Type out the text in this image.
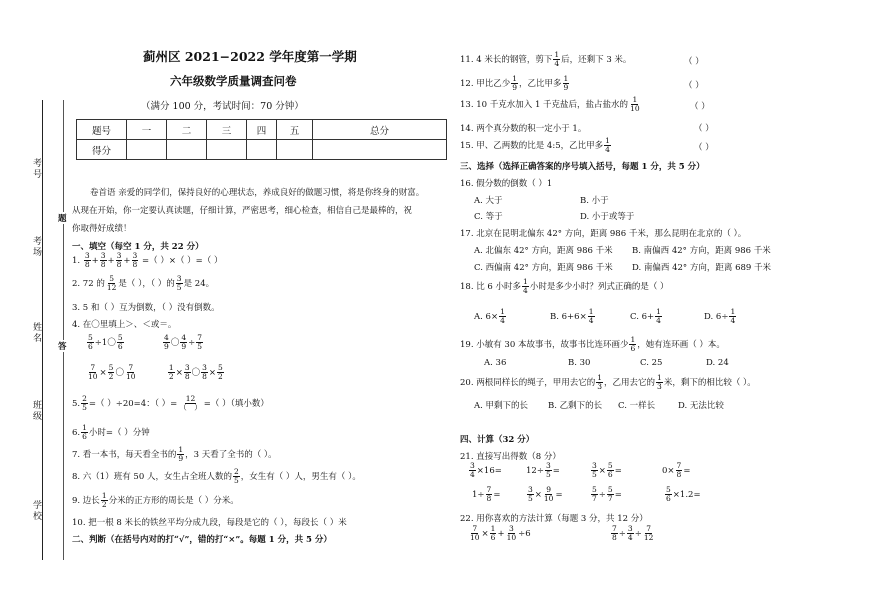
考号
考场
姓名
班级
学校
题
答
蓟州区 2021−2022 学年度第一学期
六年级数学质量调查问卷
（满分 100 分，考试时间：70 分钟）
题号	一	二	三	四	五	总分
得分						
卷首语 亲爱的同学们，保持良好的心理状态，养成良好的做题习惯，将是你终身的财富。
从现在开始，你一定要认真读题，仔细计算，严密思考，细心检查，相信自己是最棒的，祝
你取得好成绩！
一、填空（每空 1 分，共 22 分）
1. $\frac{3}{8} + \frac{3}{8} + \frac{3}{8} + \frac{3}{8}$ =（ ）×（ ）=（ ）
2. 72 的 $\frac{5}{12}$ 是（ ），（ ）的 $\frac{3}{5}$ 是 24。
3. 5 和（ ）互为倒数，（ ）没有倒数。
4. 在〇里填上＞、＜或＝。
$\frac{5}{6} \div 1$〇 $\frac{5}{6}$
	$\frac{4}{9}$ 〇 $\frac{4}{9} \div \frac{7}{5}$
$\frac{7}{10} \times \frac{5}{2}$ 〇 $\frac{7}{10}$
	$\frac{1}{2} \times \frac{3}{8}$ 〇 $\frac{3}{8} \times \frac{5}{2}$
5. $\frac{2}{5}$ =（ ）÷20=4：（ ）= $\frac{12}{( )}$ =（ ）（填小数）
6. $\frac{1}{6}$ 小时=（ ）分钟
7. 看一本书，每天看全书的 $\frac{1}{9}$ ，3 天看了全书的（ ）。
8. 六（1）班有 50 人，女生占全班人数的 $\frac{2}{5}$ ，女生有（ ）人，男生有（ ）。
9. 边长 $\frac{1}{2}$ 分米的正方形的周长是（ ）分米。
10. 把一根 8 米长的铁丝平均分成九段，每段是它的（ ），每段长（ ）米
二、判断（在括号内对的打“√”，错的打“×”。每题 1 分，共 5 分）
11. 4 米长的钢管，剪下 $\frac{1}{4}$ 后，还剩下 3 米。	（ ）
12. 甲比乙少 $\frac{1}{9}$ ，乙比甲多 $\frac{1}{9}$	（ ）
13. 10 千克水加入 1 千克盐后，盐占盐水的 $\frac{1}{10}$	（ ）
14. 两个真分数的积一定小于 1。	（ ）
15. 甲、乙两数的比是 4:5，乙比甲多 $\frac{1}{4}$	（ ）
三、选择（选择正确答案的序号填入括号，每题 1 分，共 5 分）
16. 假分数的倒数（ ）1
A. 大于	B. 小于
C. 等于	D. 小于或等于
17. 北京在昆明北偏东 42° 方向，距离 986 千米，那么昆明在北京的（ ）。
A. 北偏东 42° 方向，距离 986 千米 B. 南偏西 42° 方向，距离 986 千米
C. 西偏南 42° 方向，距离 986 千米 D. 南偏西 42° 方向，距离 689 千米
18. 比 6 小时多 $\frac{1}{4}$ 小时是多少小时？列式正确的是（ ）
A. $6\times \frac{1}{4}$	B. $6+6\times \frac{1}{4}$	C. $6+ \frac{1}{4}$	D. $6\div \frac{1}{4}$
19. 小敏有 30 本故事书，故事书比连环画少 $\frac{1}{6}$ ，她有连环画（ ）本。
A. 36	B. 30	C. 25	D. 24
20. 两根同样长的绳子，甲用去它的 $\frac{1}{3}$ ，乙用去它的 $\frac{1}{3}$ 米，剩下的相比较（ ）。
A. 甲剩下的长 B. 乙剩下的长 C. 一样长	D. 无法比较
四、计算（32 分）
21. 直接写出得数（8 分）
$\frac{3}{4} \times 16=$	$12\div \frac{3}{5}$ =	$\frac{3}{5} \times \frac{5}{6}$ =	$0\times \frac{7}{8}$ =
$1\div \frac{7}{8}$ =	$\frac{3}{5} \times \frac{9}{10}$ =	$\frac{5}{7} \div \frac{5}{7}$ =	$\frac{5}{6} \times 1.2=$
22. 用你喜欢的方法计算（每题 3 分，共 12 分）
$\frac{7}{10} \times \frac{1}{6} + \frac{3}{10} \div 6$	$\frac{7}{8} \div \frac{3}{4} \div \frac{7}{12}$
